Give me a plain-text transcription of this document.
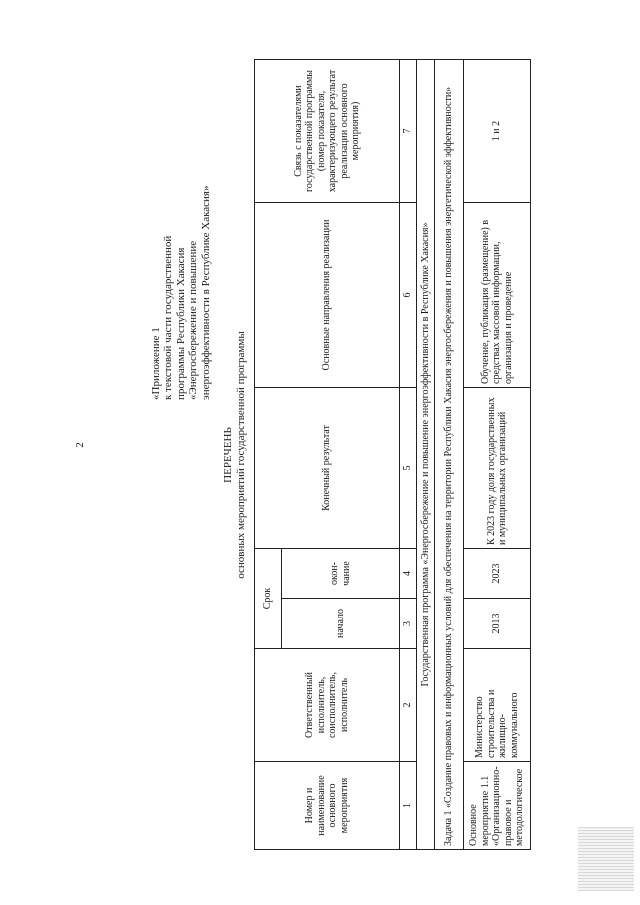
2
«Приложение 1 к текстовой части государственной программы Республики Хакасия «Энергосбережение и повышение энергоэффективности в Республике Хакасия»
ПЕРЕЧЕНЬ основных мероприятий государственной программы
Номер и наименование основного мероприятия	Ответственный исполнитель, соисполнитель, исполнитель	Срок		Конечный результат	Основные направления реализации	Связь с показателями государственной программы (номер показателя, характеризующего результат реализации основного мероприятия)
		начало	окон-чание			
1	2	3	4	5	6	7
Государственная программа «Энергосбережение и повышение энергоэффективности в Республике Хакасия»						
Задача 1 «Создание правовых и информационных условий для обеспечения на территории Республики Хакасия энергосбережения и повышения энергетической эффективности»						
Основное мероприятие 1.1 «Организационно-правовое и методологическое	Министерство строительства и жилищно-коммунального	2013	2023	К 2023 году доля государственных и муниципальных организаций	Обучение, публикация (размещение) в средствах массовой информации, организация и проведение	1 и 2
